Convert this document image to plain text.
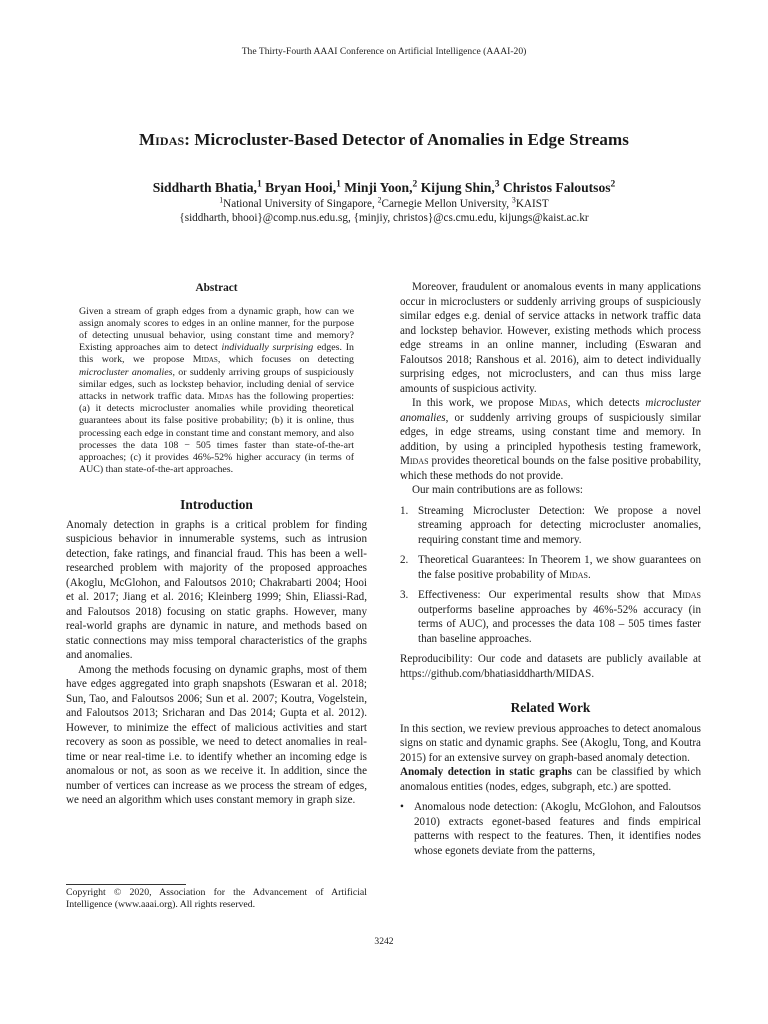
The Thirty-Fourth AAAI Conference on Artificial Intelligence (AAAI-20)
Midas: Microcluster-Based Detector of Anomalies in Edge Streams
Siddharth Bhatia,$^1$ Bryan Hooi,$^1$ Minji Yoon,$^2$ Kijung Shin,$^3$ Christos Faloutsos$^2$
$^1$National University of Singapore, $^2$Carnegie Mellon University, $^3$KAIST
{siddharth, bhooi}@comp.nus.edu.sg, {minjiy, christos}@cs.cmu.edu, kijungs@kaist.ac.kr
Abstract

Given a stream of graph edges from a dynamic graph, how can we assign anomaly scores to edges in an online manner, for the purpose of detecting unusual behavior, using constant time and memory? Existing approaches aim to detect individually surprising edges. In this work, we propose Midas, which focuses on detecting microcluster anomalies, or suddenly arriving groups of suspiciously similar edges, such as lockstep behavior, including denial of service attacks in network traffic data. Midas has the following properties: (a) it detects microcluster anomalies while providing theoretical guarantees about its false positive probability; (b) it is online, thus processing each edge in constant time and constant memory, and also processes the data 108 − 505 times faster than state-of-the-art approaches; (c) it provides 46%-52% higher accuracy (in terms of AUC) than state-of-the-art approaches.

Introduction

Anomaly detection in graphs is a critical problem for finding suspicious behavior in innumerable systems, such as intrusion detection, fake ratings, and financial fraud. This has been a well-researched problem with majority of the proposed approaches (Akoglu, McGlohon, and Faloutsos 2010; Chakrabarti 2004; Hooi et al. 2017; Jiang et al. 2016; Kleinberg 1999; Shin, Eliassi-Rad, and Faloutsos 2018) focusing on static graphs. However, many real-world graphs are dynamic in nature, and methods based on static connections may miss temporal characteristics of the graphs and anomalies.

Among the methods focusing on dynamic graphs, most of them have edges aggregated into graph snapshots (Eswaran et al. 2018; Sun, Tao, and Faloutsos 2006; Sun et al. 2007; Koutra, Vogelstein, and Faloutsos 2013; Sricharan and Das 2014; Gupta et al. 2012). However, to minimize the effect of malicious activities and start recovery as soon as possible, we need to detect anomalies in real-time or near real-time i.e. to identify whether an incoming edge is anomalous or not, as soon as we receive it. In addition, since the number of vertices can increase as we process the stream of edges, we need an algorithm which uses constant memory in graph size.

Copyright © 2020, Association for the Advancement of Artificial Intelligence (www.aaai.org). All rights reserved.

Moreover, fraudulent or anomalous events in many applications occur in microclusters or suddenly arriving groups of suspiciously similar edges e.g. denial of service attacks in network traffic data and lockstep behavior. However, existing methods which process edge streams in an online manner, including (Eswaran and Faloutsos 2018; Ranshous et al. 2016), aim to detect individually surprising edges, not microclusters, and can thus miss large amounts of suspicious activity.

In this work, we propose Midas, which detects microcluster anomalies, or suddenly arriving groups of suspiciously similar edges, in edge streams, using constant time and memory. In addition, by using a principled hypothesis testing framework, Midas provides theoretical bounds on the false positive probability, which these methods do not provide.

Our main contributions are as follows:

1. Streaming Microcluster Detection: We propose a novel streaming approach for detecting microcluster anomalies, requiring constant time and memory.
2. Theoretical Guarantees: In Theorem 1, we show guarantees on the false positive probability of Midas.
3. Effectiveness: Our experimental results show that Midas outperforms baseline approaches by 46%-52% accuracy (in terms of AUC), and processes the data 108 – 505 times faster than baseline approaches.

Reproducibility: Our code and datasets are publicly available at https://github.com/bhatiasiddharth/MIDAS.

Related Work

In this section, we review previous approaches to detect anomalous signs on static and dynamic graphs. See (Akoglu, Tong, and Koutra 2015) for an extensive survey on graph-based anomaly detection.

Anomaly detection in static graphs can be classified by which anomalous entities (nodes, edges, subgraph, etc.) are spotted.

• Anomalous node detection: (Akoglu, McGlohon, and Faloutsos 2010) extracts egonet-based features and finds empirical patterns with respect to the features. Then, it identifies nodes whose egonets deviate from the patterns,
3242
